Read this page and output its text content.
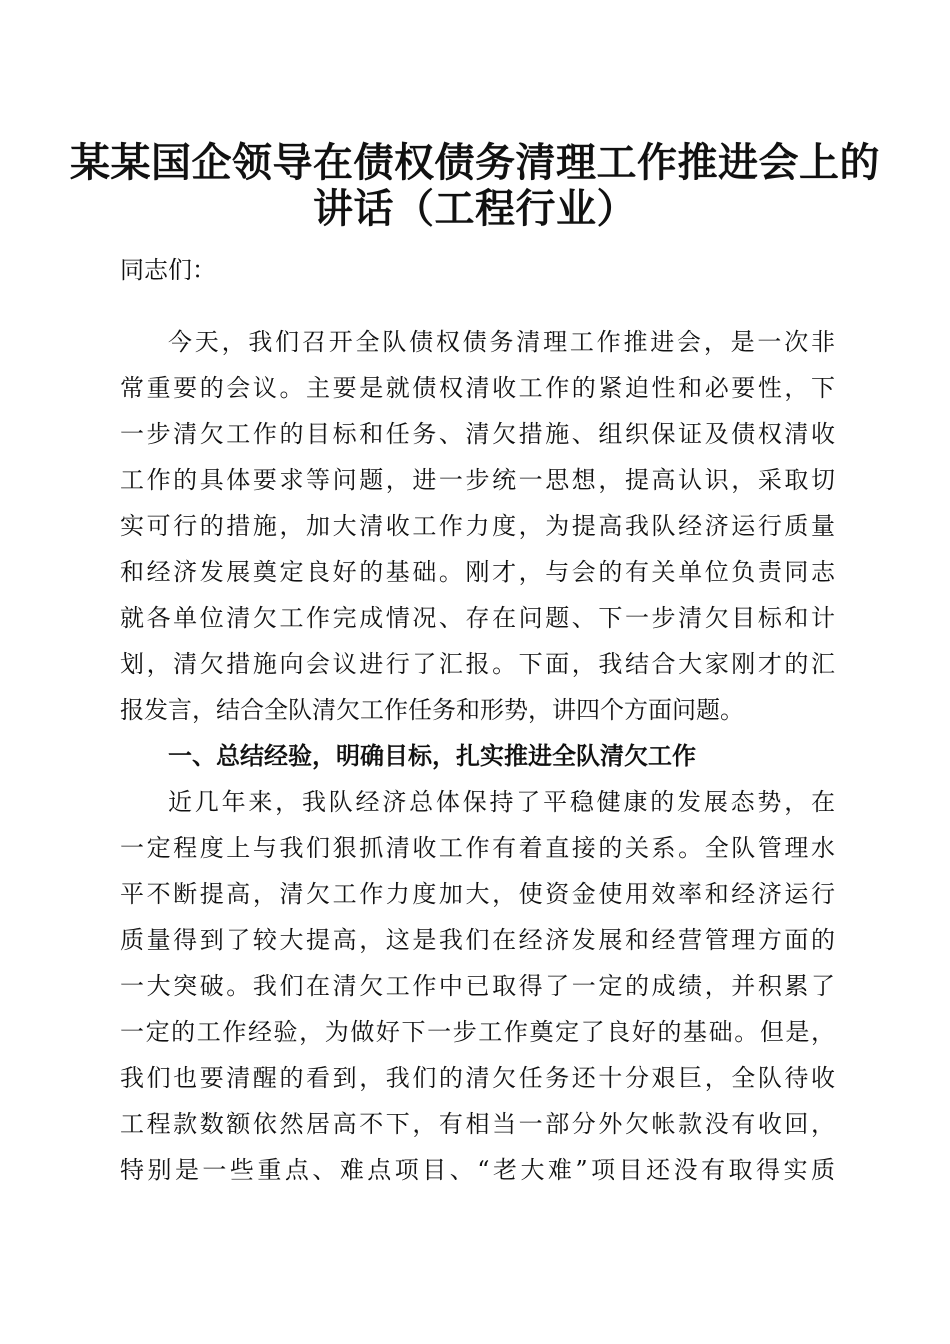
某某国企领导在债权债务清理工作推进会上的
讲话（工程行业）
同志们：
今天，我们召开全队债权债务清理工作推进会，是一次非
常重要的会议。主要是就债权清收工作的紧迫性和必要性，下
一步清欠工作的目标和任务、清欠措施、组织保证及债权清收
工作的具体要求等问题，进一步统一思想，提高认识，采取切
实可行的措施，加大清收工作力度，为提高我队经济运行质量
和经济发展奠定良好的基础。刚才，与会的有关单位负责同志
就各单位清欠工作完成情况、存在问题、下一步清欠目标和计
划，清欠措施向会议进行了汇报。下面，我结合大家刚才的汇
报发言，结合全队清欠工作任务和形势，讲四个方面问题。
一、总结经验，明确目标，扎实推进全队清欠工作
近几年来，我队经济总体保持了平稳健康的发展态势，在
一定程度上与我们狠抓清收工作有着直接的关系。全队管理水
平不断提高，清欠工作力度加大，使资金使用效率和经济运行
质量得到了较大提高，这是我们在经济发展和经营管理方面的
一大突破。我们在清欠工作中已取得了一定的成绩，并积累了
一定的工作经验，为做好下一步工作奠定了良好的基础。但是，
我们也要清醒的看到，我们的清欠任务还十分艰巨，全队待收
工程款数额依然居高不下，有相当一部分外欠帐款没有收回，
特别是一些重点、难点项目、“老大难”项目还没有取得实质
